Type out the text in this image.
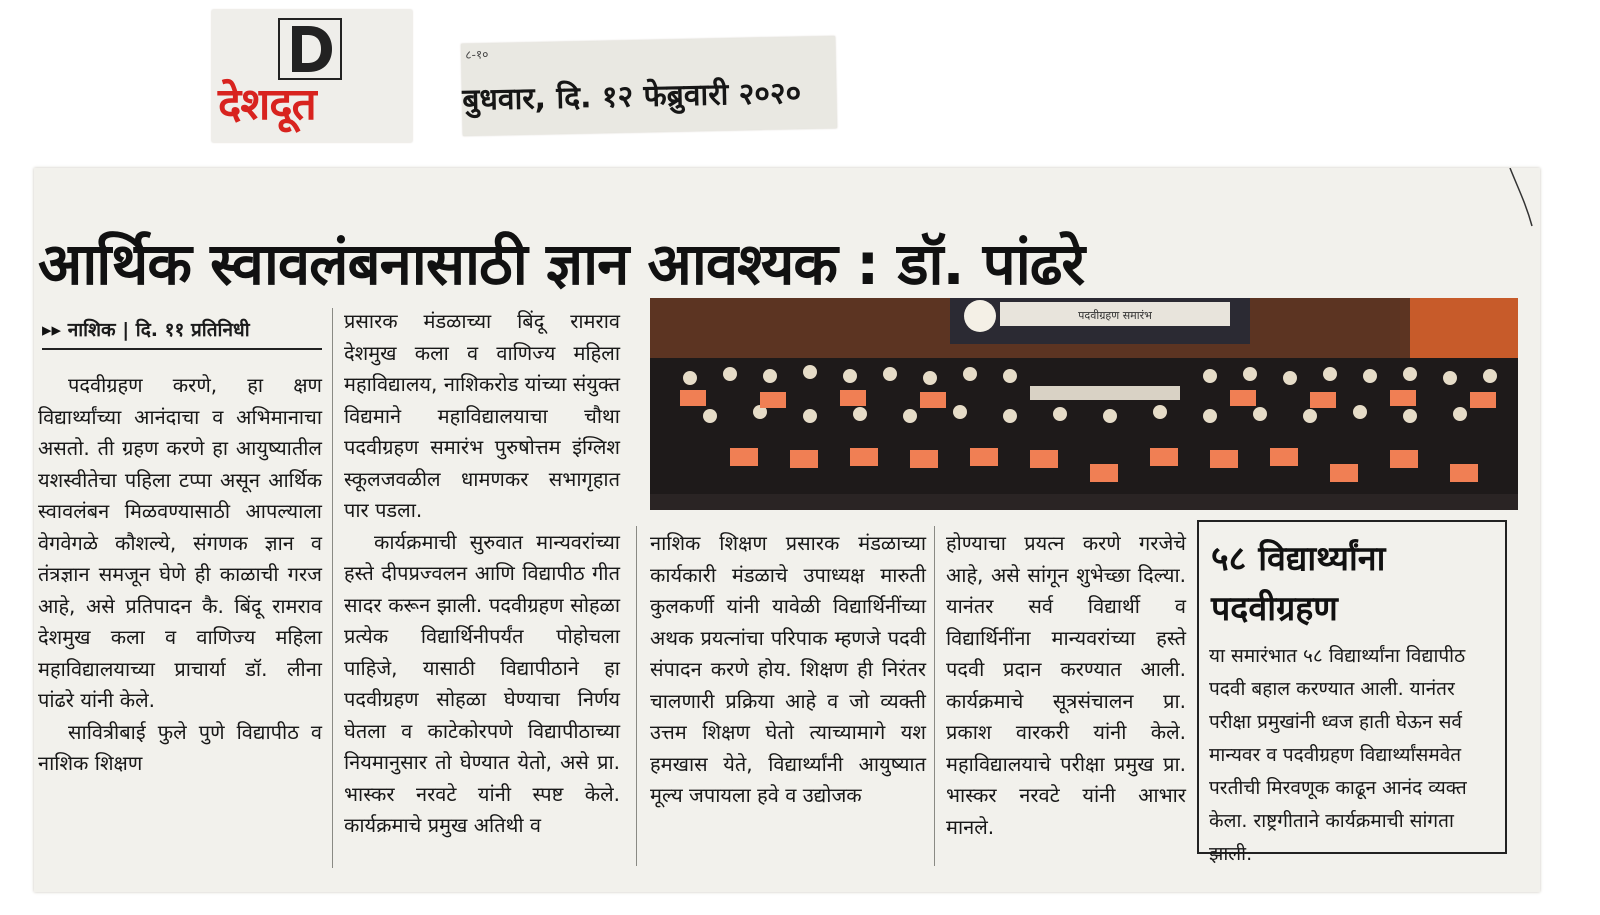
देशदूत
८-१०
बुधवार, दि. १२ फेब्रुवारी २०२०
आर्थिक स्वावलंबनासाठी ज्ञान आवश्यक : डॉ. पांढरे
▸▸ नाशिक | दि. ११ प्रतिनिधी

पदवीग्रहण करणे, हा क्षण विद्यार्थ्यांच्या आनंदाचा व अभिमानाचा असतो. ती ग्रहण करणे हा आयुष्यातील यशस्वीतेचा पहिला टप्पा असून आर्थिक स्वावलंबन मिळवण्यासाठी आपल्याला वेगवेगळे कौशल्ये, संगणक ज्ञान व तंत्रज्ञान समजून घेणे ही काळाची गरज आहे, असे प्रतिपादन कै. बिंदू रामराव देशमुख कला व वाणिज्य महिला महाविद्यालयाच्या प्राचार्या डॉ. लीना पांढरे यांनी केले.

सावित्रीबाई फुले पुणे विद्यापीठ व नाशिक शिक्षण

प्रसारक मंडळाच्या बिंदू रामराव देशमुख कला व वाणिज्य महिला महाविद्यालय, नाशिकरोड यांच्या संयुक्त विद्यमाने महाविद्यालयाचा चौथा पदवीग्रहण समारंभ पुरुषोत्तम इंग्लिश स्कूलजवळील धामणकर सभागृहात पार पडला.

कार्यक्रमाची सुरुवात मान्यवरांच्या हस्ते दीपप्रज्वलन आणि विद्यापीठ गीत सादर करून झाली. पदवीग्रहण सोहळा प्रत्येक विद्यार्थिनीपर्यंत पोहोचला पाहिजे, यासाठी विद्यापीठाने हा पदवीग्रहण सोहळा घेण्याचा निर्णय घेतला व काटेकोरपणे विद्यापीठाच्या नियमानुसार तो घेण्यात येतो, असे प्रा. भास्कर नरवटे यांनी स्पष्ट केले. कार्यक्रमाचे प्रमुख अतिथी व

पदवीग्रहण समारंभ

नाशिक शिक्षण प्रसारक मंडळाच्या कार्यकारी मंडळाचे उपाध्यक्ष मारुती कुलकर्णी यांनी यावेळी विद्यार्थिनींच्या अथक प्रयत्नांचा परिपाक म्हणजे पदवी संपादन करणे होय. शिक्षण ही निरंतर चालणारी प्रक्रिया आहे व जो व्यक्ती उत्तम शिक्षण घेतो त्याच्यामागे यश हमखास येते, विद्यार्थ्यांनी आयुष्यात मूल्य जपायला हवे व उद्योजक

होण्याचा प्रयत्न करणे गरजेचे आहे, असे सांगून शुभेच्छा दिल्या. यानंतर सर्व विद्यार्थी व विद्यार्थिनींना मान्यवरांच्या हस्ते पदवी प्रदान करण्यात आली. कार्यक्रमाचे सूत्रसंचालन प्रा. प्रकाश वारकरी यांनी केले. महाविद्यालयाचे परीक्षा प्रमुख प्रा. भास्कर नरवटे यांनी आभार मानले.

५८ विद्यार्थ्यांना पदवीग्रहण
या समारंभात ५८ विद्यार्थ्यांना विद्यापीठ पदवी बहाल करण्यात आली. यानंतर परीक्षा प्रमुखांनी ध्वज हाती घेऊन सर्व मान्यवर व पदवीग्रहण विद्यार्थ्यांसमवेत परतीची मिरवणूक काढून आनंद व्यक्त केला. राष्ट्रगीताने कार्यक्रमाची सांगता झाली.
